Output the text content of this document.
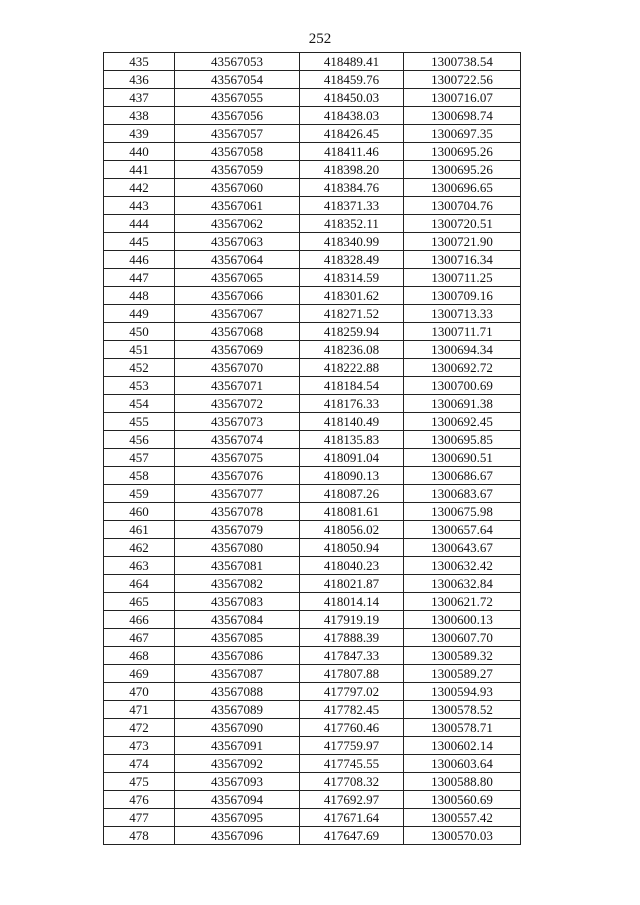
252
435	43567053	418489.41	1300738.54
436	43567054	418459.76	1300722.56
437	43567055	418450.03	1300716.07
438	43567056	418438.03	1300698.74
439	43567057	418426.45	1300697.35
440	43567058	418411.46	1300695.26
441	43567059	418398.20	1300695.26
442	43567060	418384.76	1300696.65
443	43567061	418371.33	1300704.76
444	43567062	418352.11	1300720.51
445	43567063	418340.99	1300721.90
446	43567064	418328.49	1300716.34
447	43567065	418314.59	1300711.25
448	43567066	418301.62	1300709.16
449	43567067	418271.52	1300713.33
450	43567068	418259.94	1300711.71
451	43567069	418236.08	1300694.34
452	43567070	418222.88	1300692.72
453	43567071	418184.54	1300700.69
454	43567072	418176.33	1300691.38
455	43567073	418140.49	1300692.45
456	43567074	418135.83	1300695.85
457	43567075	418091.04	1300690.51
458	43567076	418090.13	1300686.67
459	43567077	418087.26	1300683.67
460	43567078	418081.61	1300675.98
461	43567079	418056.02	1300657.64
462	43567080	418050.94	1300643.67
463	43567081	418040.23	1300632.42
464	43567082	418021.87	1300632.84
465	43567083	418014.14	1300621.72
466	43567084	417919.19	1300600.13
467	43567085	417888.39	1300607.70
468	43567086	417847.33	1300589.32
469	43567087	417807.88	1300589.27
470	43567088	417797.02	1300594.93
471	43567089	417782.45	1300578.52
472	43567090	417760.46	1300578.71
473	43567091	417759.97	1300602.14
474	43567092	417745.55	1300603.64
475	43567093	417708.32	1300588.80
476	43567094	417692.97	1300560.69
477	43567095	417671.64	1300557.42
478	43567096	417647.69	1300570.03
